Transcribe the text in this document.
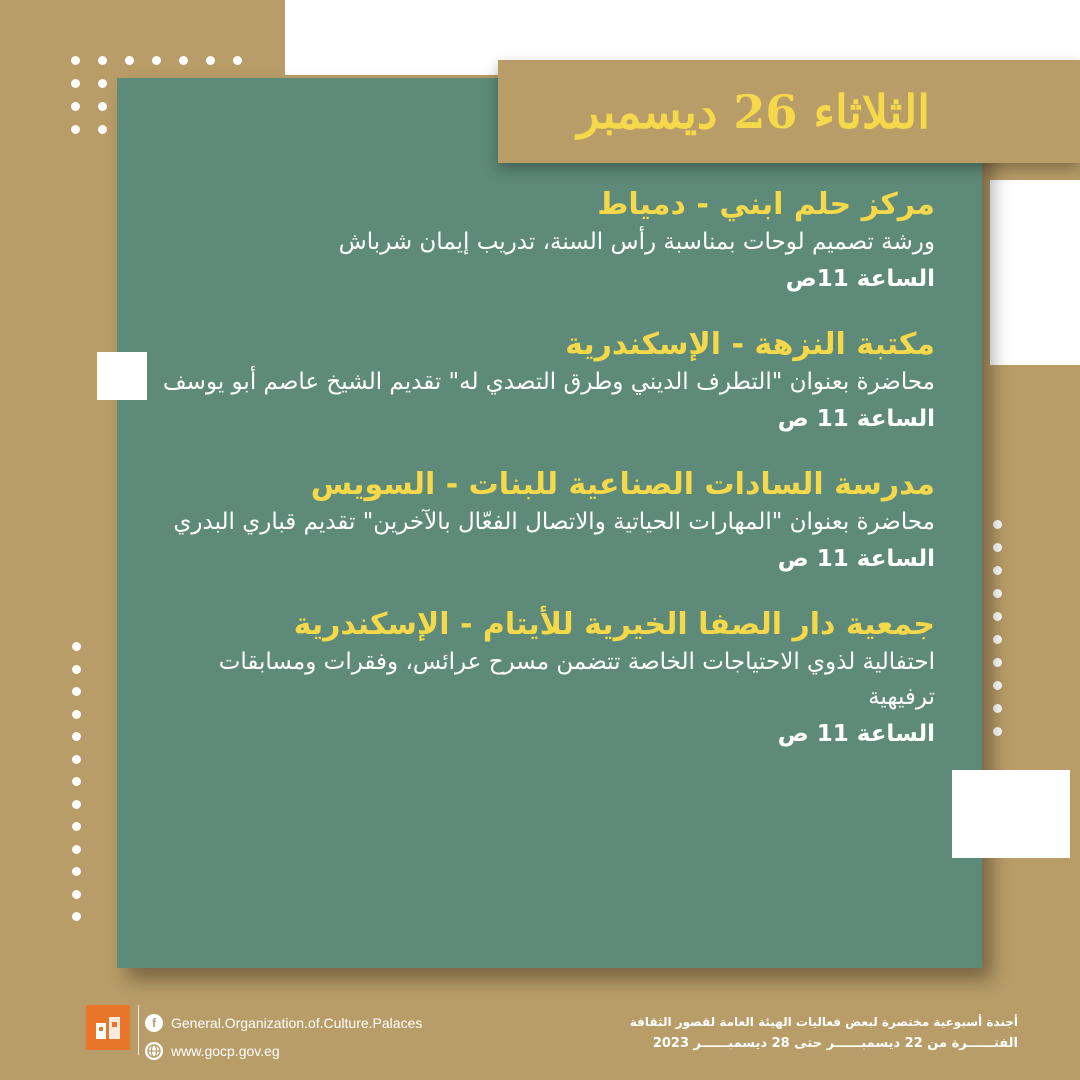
الثلاثاء 26 ديسمبر
مركز حلم ابني - دمياط
ورشة تصميم لوحات بمناسبة رأس السنة، تدريب إيمان شرباش
الساعة 11ص
مكتبة النزهة - الإسكندرية
محاضرة بعنوان "التطرف الديني وطرق التصدي له" تقديم الشيخ عاصم أبو يوسف
الساعة 11 ص
مدرسة السادات الصناعية للبنات - السويس
محاضرة بعنوان "المهارات الحياتية والاتصال الفعّال بالآخرين" تقديم قباري البدري
الساعة 11 ص
جمعية دار الصفا الخيرية للأيتام - الإسكندرية
احتفالية لذوي الاحتياجات الخاصة تتضمن مسرح عرائس، وفقرات ومسابقات ترفيهية
الساعة 11 ص
f	General.Organization.of.Culture.Palaces
www.gocp.gov.eg
أجندة أسبوعية مختصرة لبعض فعاليات الهيئة العامة لقصور الثقافة
الفتــــــرة من 22 ديسمبــــــر حتى 28 ديسمبــــــر 2023
